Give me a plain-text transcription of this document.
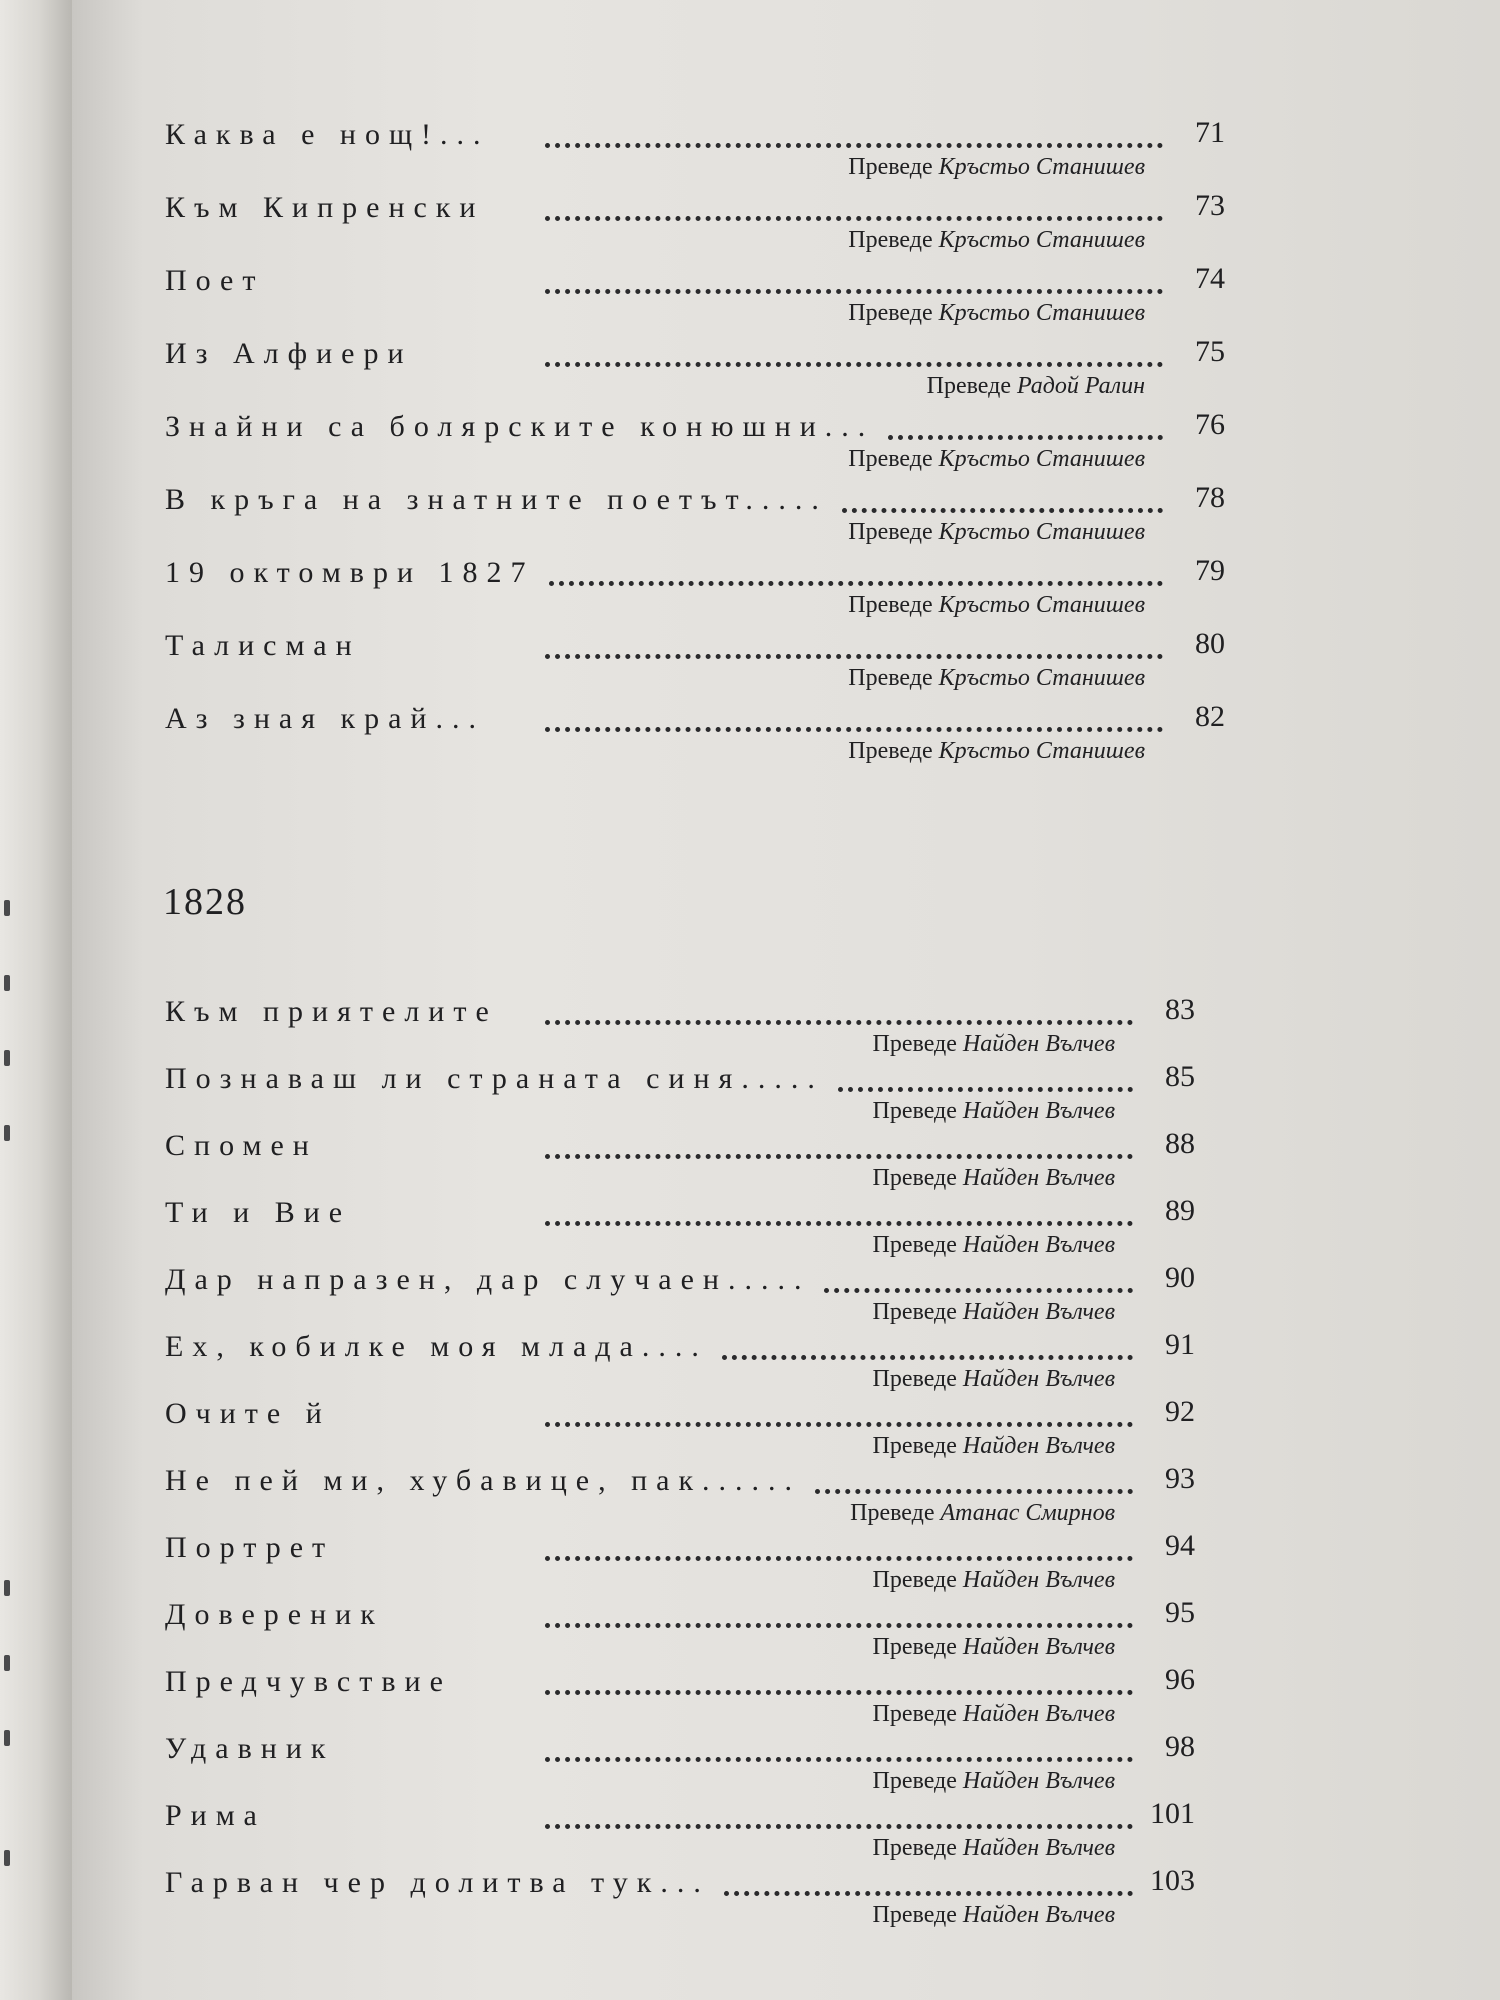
1828
Каква е нощ!...	71
Преведе Кръстьо Станишев
Към Кипренски	73
Преведе Кръстьо Станишев
Поет	74
Преведе Кръстьо Станишев
Из Алфиери	75
Преведе Радой Ралин
Знайни са болярските конюшни...	76
Преведе Кръстьо Станишев
В кръга на знатните поетът.....	78
Преведе Кръстьо Станишев
19 октомври 1827	79
Преведе Кръстьо Станишев
Талисман	80
Преведе Кръстьо Станишев
Аз зная край...	82
Преведе Кръстьо Станишев
Към приятелите	83
Преведе Найден Вълчев
Познаваш ли страната синя.....	85
Преведе Найден Вълчев
Спомен	88
Преведе Найден Вълчев
Ти и Вие	89
Преведе Найден Вълчев
Дар напразен, дар случаен.....	90
Преведе Найден Вълчев
Ех, кобилке моя млада....	91
Преведе Найден Вълчев
Очите й	92
Преведе Найден Вълчев
Не пей ми, хубавице, пак......	93
Преведе Атанас Смирнов
Портрет	94
Преведе Найден Вълчев
Довереник	95
Преведе Найден Вълчев
Предчувствие	96
Преведе Найден Вълчев
Удавник	98
Преведе Найден Вълчев
Рима	101
Преведе Найден Вълчев
Гарван чер долитва тук...	103
Преведе Найден Вълчев
